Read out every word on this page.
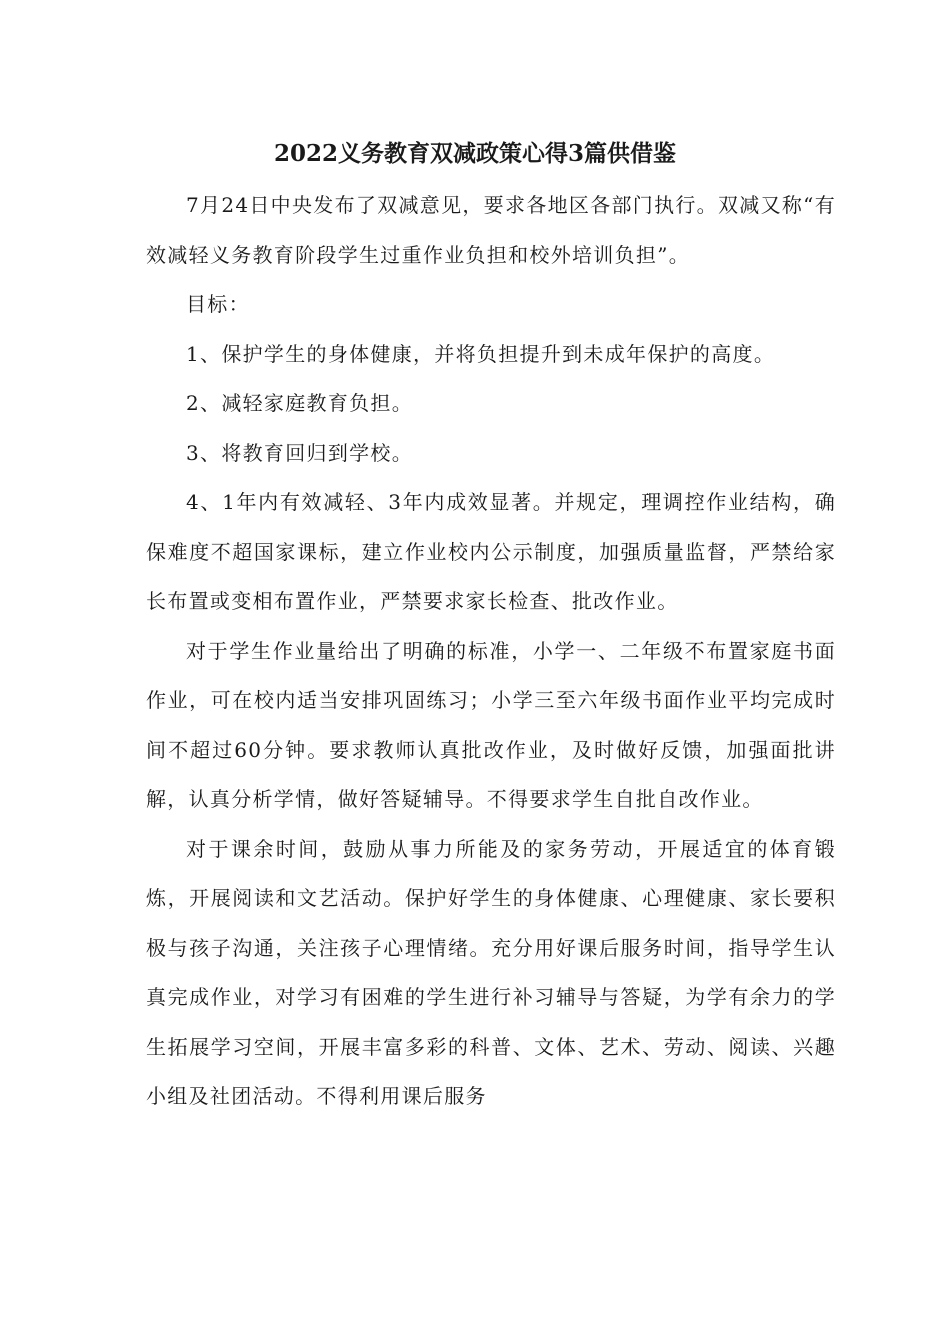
2022义务教育双减政策心得3篇供借鉴

7月24日中央发布了双减意见，要求各地区各部门执行。双减又称“有效减轻义务教育阶段学生过重作业负担和校外培训负担”。

目标：

1、保护学生的身体健康，并将负担提升到未成年保护的高度。

2、减轻家庭教育负担。

3、将教育回归到学校。

4、1年内有效减轻、3年内成效显著。并规定，理调控作业结构，确保难度不超国家课标，建立作业校内公示制度，加强质量监督，严禁给家长布置或变相布置作业，严禁要求家长检查、批改作业。

对于学生作业量给出了明确的标准，小学一、二年级不布置家庭书面作业，可在校内适当安排巩固练习；小学三至六年级书面作业平均完成时间不超过60分钟。要求教师认真批改作业，及时做好反馈，加强面批讲解，认真分析学情，做好答疑辅导。不得要求学生自批自改作业。

对于课余时间，鼓励从事力所能及的家务劳动，开展适宜的体育锻炼，开展阅读和文艺活动。保护好学生的身体健康、心理健康、家长要积极与孩子沟通，关注孩子心理情绪。充分用好课后服务时间，指导学生认真完成作业，对学习有困难的学生进行补习辅导与答疑，为学有余力的学生拓展学习空间，开展丰富多彩的科普、文体、艺术、劳动、阅读、兴趣小组及社团活动。不得利用课后服务
